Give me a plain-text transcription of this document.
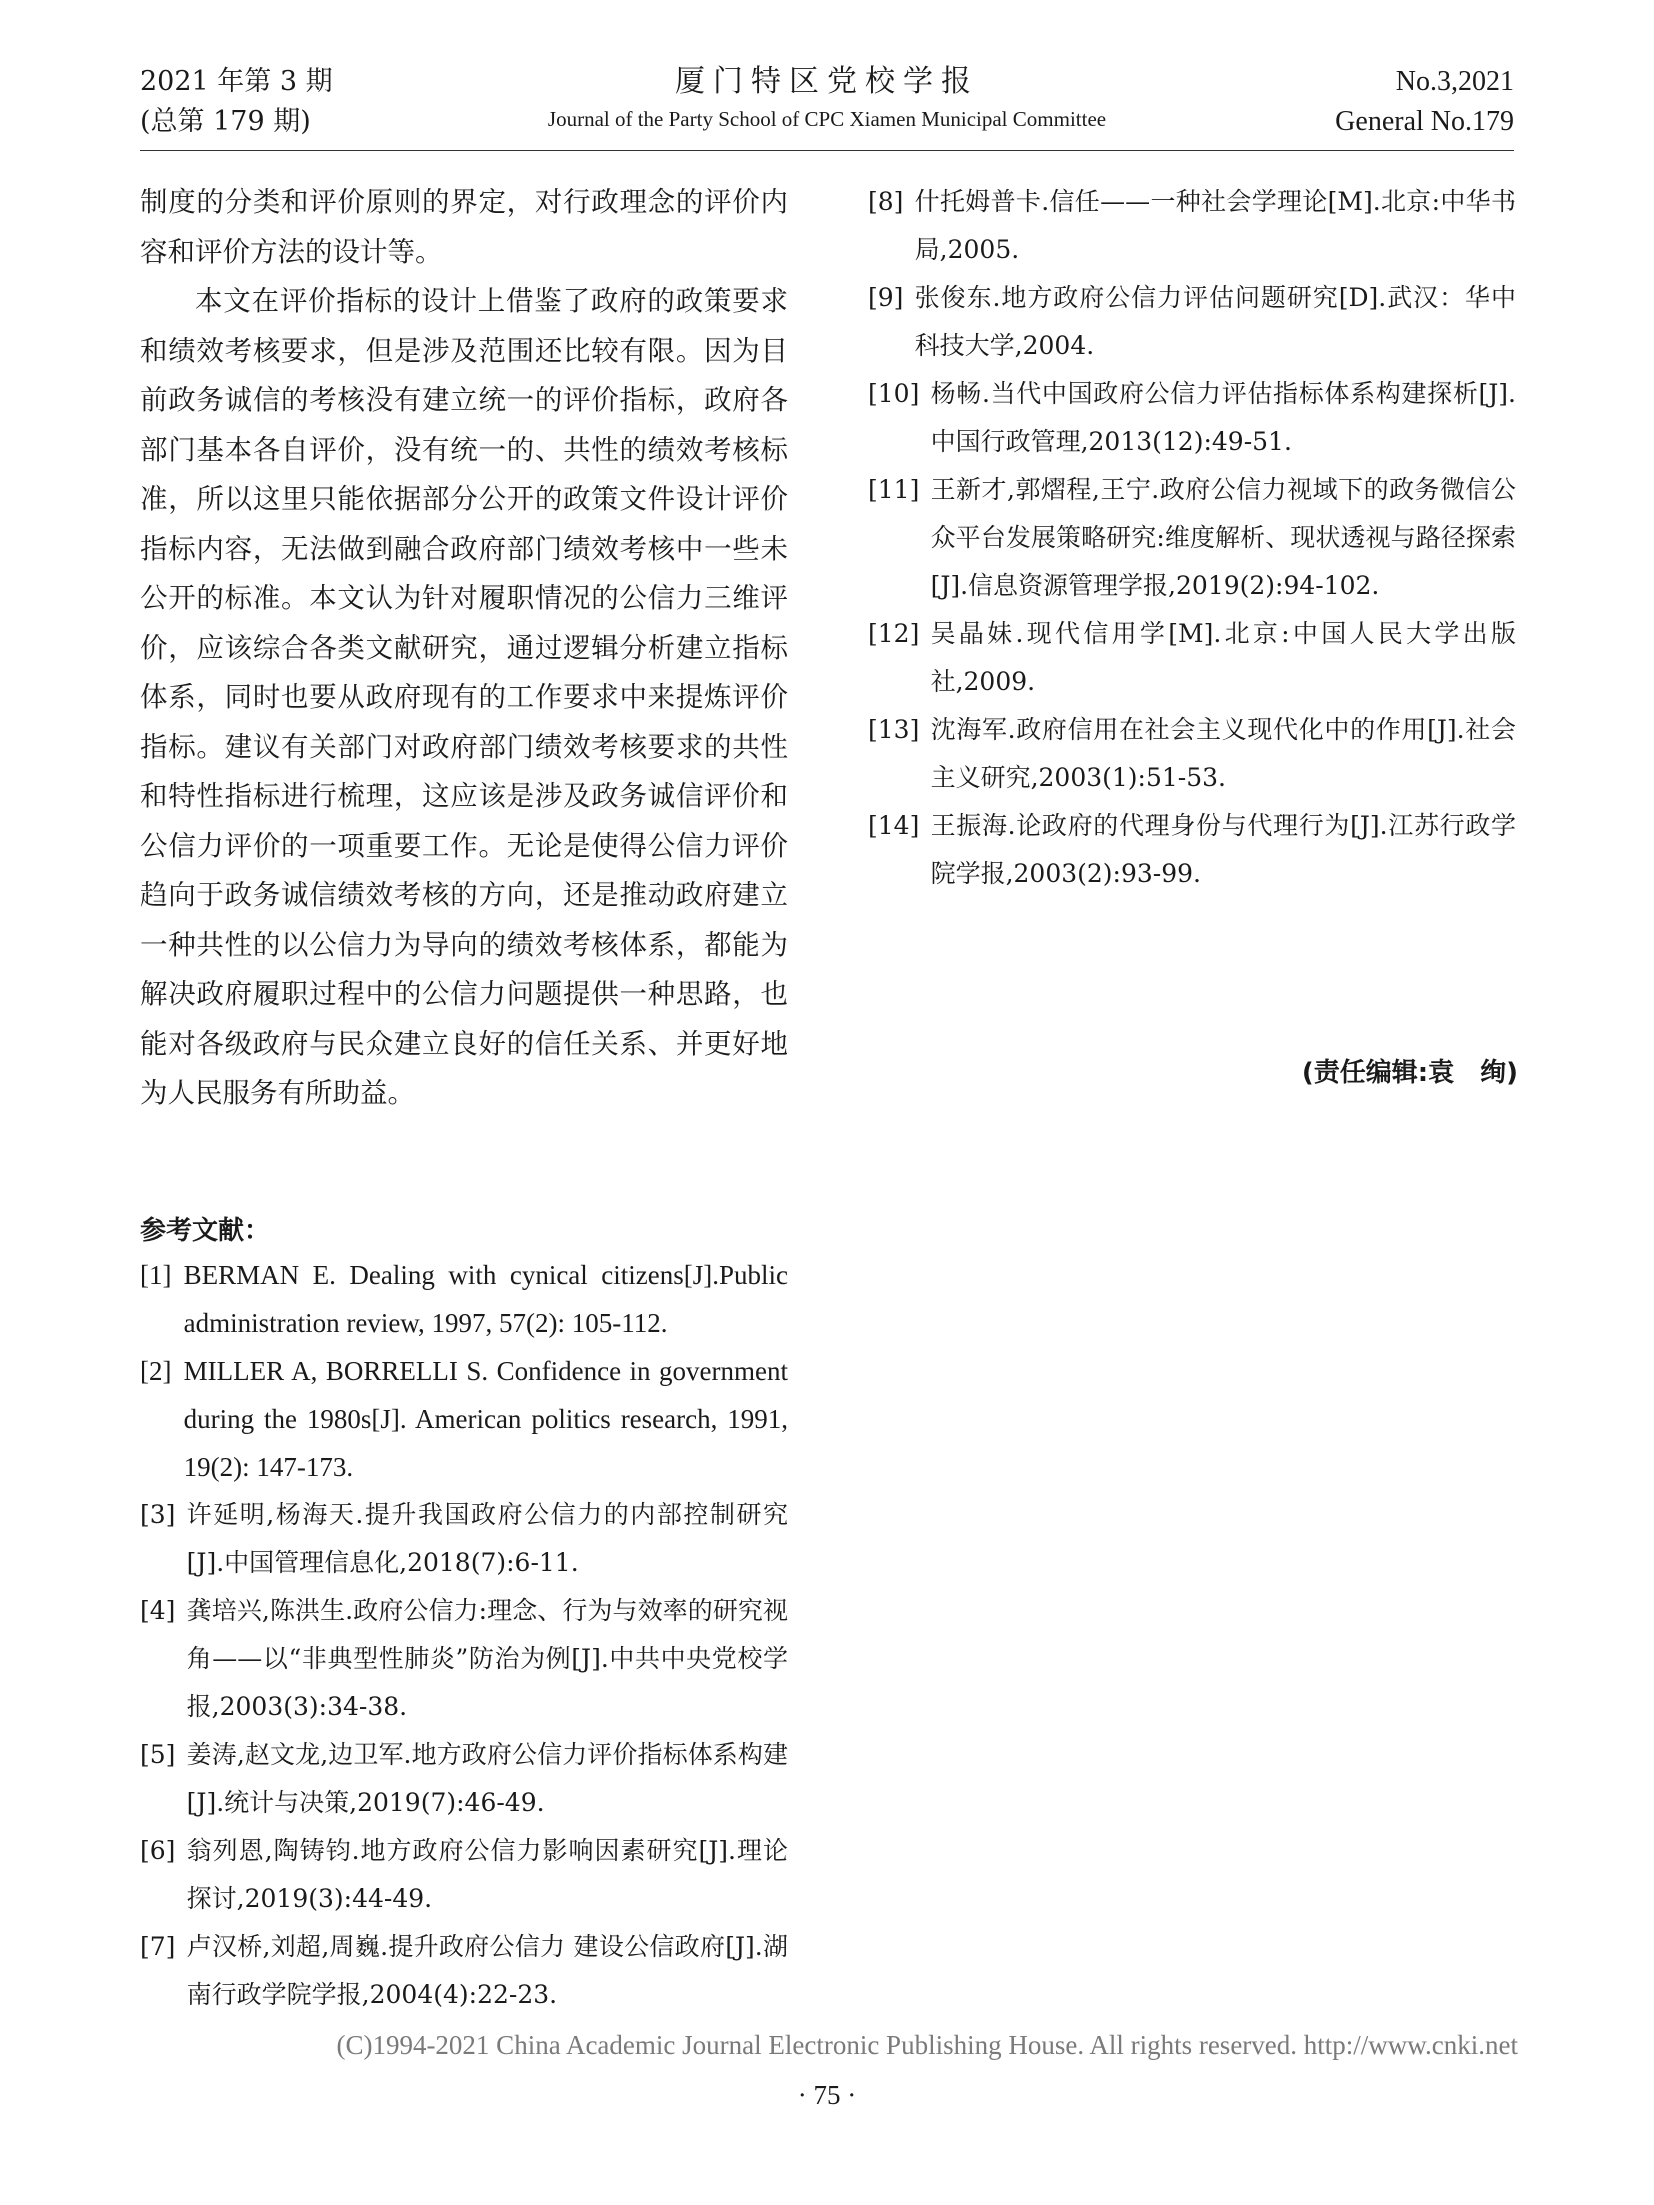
2021 年第 3 期
(总第 179 期)
厦门特区党校学报
Journal of the Party School of CPC Xiamen Municipal Committee
No.3,2021
General No.179

制度的分类和评价原则的界定，对行政理念的评价内容和评价方法的设计等。

本文在评价指标的设计上借鉴了政府的政策要求和绩效考核要求，但是涉及范围还比较有限。因为目前政务诚信的考核没有建立统一的评价指标，政府各部门基本各自评价，没有统一的、共性的绩效考核标准，所以这里只能依据部分公开的政策文件设计评价指标内容，无法做到融合政府部门绩效考核中一些未公开的标准。本文认为针对履职情况的公信力三维评价，应该综合各类文献研究，通过逻辑分析建立指标体系，同时也要从政府现有的工作要求中来提炼评价指标。建议有关部门对政府部门绩效考核要求的共性和特性指标进行梳理，这应该是涉及政务诚信评价和公信力评价的一项重要工作。无论是使得公信力评价趋向于政务诚信绩效考核的方向，还是推动政府建立一种共性的以公信力为导向的绩效考核体系，都能为解决政府履职过程中的公信力问题提供一种思路，也能对各级政府与民众建立良好的信任关系、并更好地为人民服务有所助益。

参考文献：
[1] BERMAN E. Dealing with cynical citizens[J].Public administration review, 1997, 57(2): 105-112.
[2] MILLER A, BORRELLI S. Confidence in government during the 1980s[J]. American politics research, 1991, 19(2): 147-173.
[3] 许延明,杨海天.提升我国政府公信力的内部控制研究[J].中国管理信息化,2018(7):6-11.
[4] 龚培兴,陈洪生.政府公信力:理念、行为与效率的研究视角——以“非典型性肺炎”防治为例[J].中共中央党校学报,2003(3):34-38.
[5] 姜涛,赵文龙,边卫军.地方政府公信力评价指标体系构建[J].统计与决策,2019(7):46-49.
[6] 翁列恩,陶铸钧.地方政府公信力影响因素研究[J].理论探讨,2019(3):44-49.
[7] 卢汉桥,刘超,周巍.提升政府公信力 建设公信政府[J].湖南行政学院学报,2004(4):22-23.
[8] 什托姆普卡.信任——一种社会学理论[M].北京:中华书局,2005.
[9] 张俊东.地方政府公信力评估问题研究[D].武汉：华中科技大学,2004.
[10] 杨畅.当代中国政府公信力评估指标体系构建探析[J].中国行政管理,2013(12):49-51.
[11] 王新才,郭熠程,王宁.政府公信力视域下的政务微信公众平台发展策略研究:维度解析、现状透视与路径探索[J].信息资源管理学报,2019(2):94-102.
[12] 吴晶妹.现代信用学[M].北京:中国人民大学出版社,2009.
[13] 沈海军.政府信用在社会主义现代化中的作用[J].社会主义研究,2003(1):51-53.
[14] 王振海.论政府的代理身份与代理行为[J].江苏行政学院学报,2003(2):93-99.
(责任编辑:袁　绚)
(C)1994-2021 China Academic Journal Electronic Publishing House. All rights reserved. http://www.cnki.net
· 75 ·
